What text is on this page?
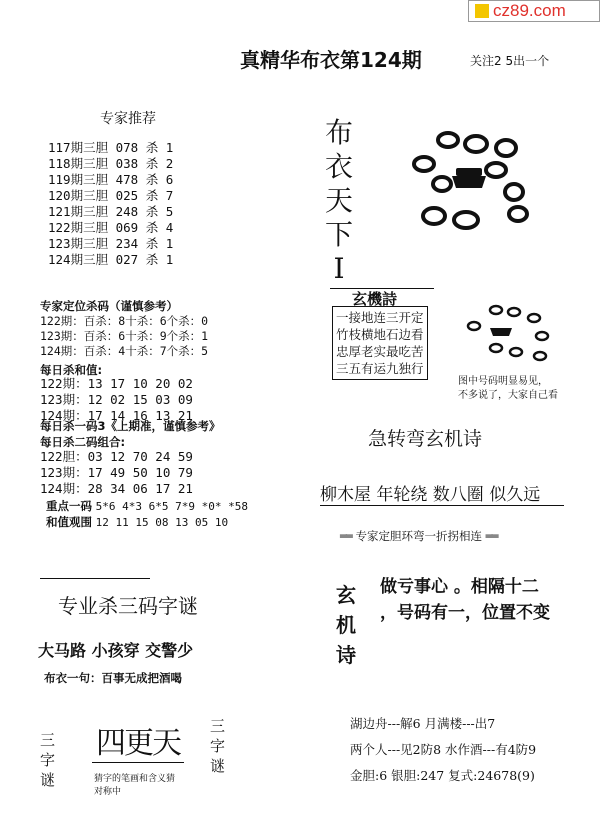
cz89.com
真精华布衣第124期	关注2 5出一个
专家推荐
117期三胆 078 杀 1
118期三胆 038 杀 2
119期三胆 478 杀 6
120期三胆 025 杀 7
121期三胆 248 杀 5
122期三胆 069 杀 4
123期三胆 234 杀 1
124期三胆 027 杀 1
专家定位杀码（谨慎参考）
122期：百杀：8十杀：6个杀：0
123期：百杀：6十杀：9个杀：1
124期：百杀：4十杀：7个杀：5
每日杀和值:
122期：13 17 10 20 02
123期：12 02 15 03 09
124期：17 14 16 13 21
每日杀一码3《上期准，谨慎参考》
每日杀二码组合:
122胆：03 12 70 24 59
123期：17 49 50 10 79
124期：28 34 06 17 21
重点一码 5*6 4*3 6*5 7*9 *0* *58
和值观围 12 11 15 08 13 05 10
专业杀三码字谜
大马路 小孩穿 交警少
布衣一句：百事无成把酒喝
三字谜
三字谜
四更天
猜字的笔画和含义猜
对称中
布衣天下I
玄機詩
一接地连三开定
竹枝横地石边看
忠厚老实最吃苦
三五有运九独行
图中号码明显易见，
不多说了，大家自己看
急转弯玄机诗
柳木屋 年轮绕 数八圈 似久远
══ 专家定胆环弯一折拐相连 ══
玄机诗
做亏事心 。相隔十二
，号码有一，位置不变
湖边舟---解6 月满楼---出7
两个人---见2防8 水作酒---有4防9
金胆:6 银胆:247 复式:24678(9)
